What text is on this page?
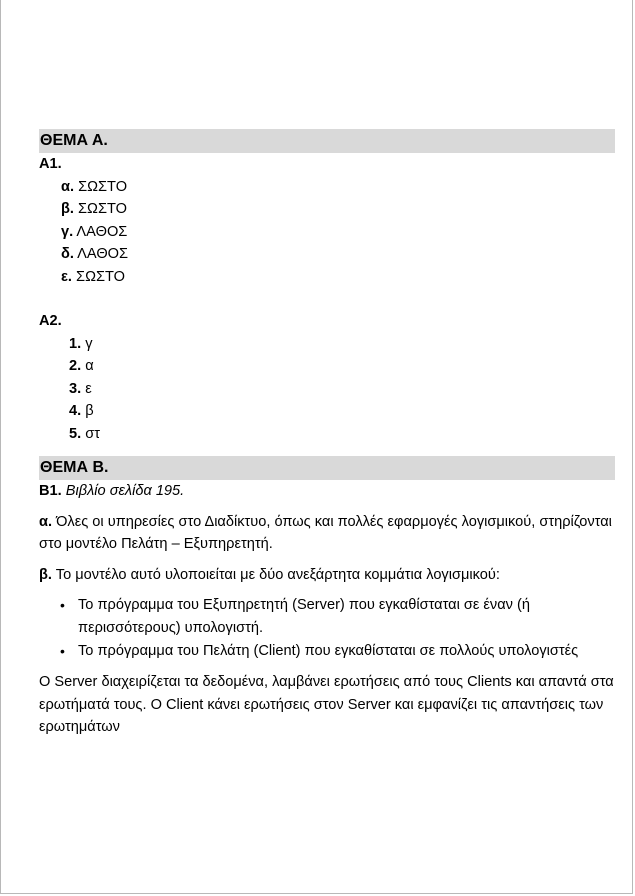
ΘΕΜΑ Α.
Α1.
α. ΣΩΣΤΟ
β. ΣΩΣΤΟ
γ. ΛΑΘΟΣ
δ. ΛΑΘΟΣ
ε. ΣΩΣΤΟ
Α2.
1. γ
2. α
3. ε
4. β
5. στ
ΘΕΜΑ Β.
Β1. Βιβλίο σελίδα 195.
α. Όλες οι υπηρεσίες στο Διαδίκτυο, όπως και πολλές εφαρμογές λογισμικού, στηρίζονται στο μοντέλο Πελάτη – Εξυπηρετητή.
β. Το μοντέλο αυτό υλοποιείται με δύο ανεξάρτητα κομμάτια λογισμικού:
• Το πρόγραμμα του Εξυπηρετητή (Server) που εγκαθίσταται σε έναν (ή περισσότερους) υπολογιστή.
• Το πρόγραμμα του Πελάτη (Client) που εγκαθίσταται σε πολλούς υπολογιστές
Ο Server διαχειρίζεται τα δεδομένα, λαμβάνει ερωτήσεις από τους Clients και απαντά στα ερωτήματά τους. Ο Client κάνει ερωτήσεις στον Server και εμφανίζει τις απαντήσεις των ερωτημάτων
